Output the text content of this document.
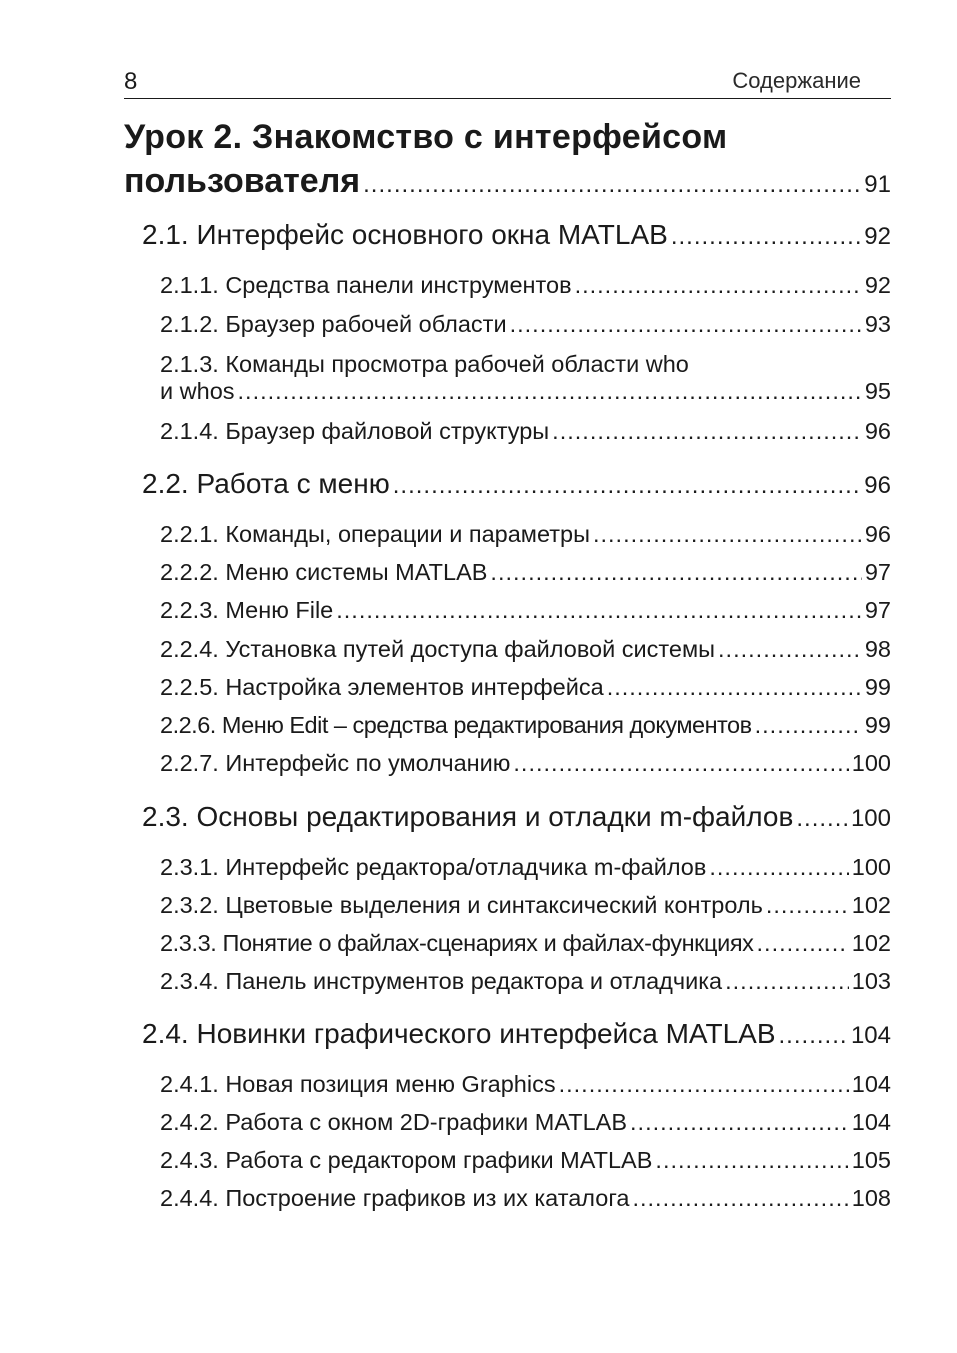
8	Содержание
Урок 2. Знакомство с интерфейсом
пользователя .....	91
2.1. Интерфейс основного окна MATLAB .....	92
2.1.1. Средства панели инструментов .....	92
2.1.2. Браузер рабочей области .....	93
2.1.3. Команды просмотра рабочей области who
и whos .....	95
2.1.4. Браузер файловой структуры .....	96
2.2. Работа с меню .....	96
2.2.1. Команды, операции и параметры .....	96
2.2.2. Меню системы MATLAB .....	97
2.2.3. Меню File .....	97
2.2.4. Установка путей доступа файловой системы .....	98
2.2.5. Настройка элементов интерфейса .....	99
2.2.6. Меню Edit – средства редактирования документов .....	99
2.2.7. Интерфейс по умолчанию .....	100
2.3. Основы редактирования и отладки m-файлов ..... 100
2.3.1. Интерфейс редактора/отладчика m-файлов .....	100
2.3.2. Цветовые выделения и синтаксический контроль .....	102
2.3.3. Понятие о файлах-сценариях и файлах-функциях .....	102
2.3.4. Панель инструментов редактора и отладчика .....	103
2.4. Новинки графического интерфейса MATLAB .....	104
2.4.1. Новая позиция меню Graphics .....	104
2.4.2. Работа с окном 2D-графики MATLAB .....	104
2.4.3. Работа с редактором графики MATLAB .....	105
2.4.4. Построение графиков из их каталога .....	108
